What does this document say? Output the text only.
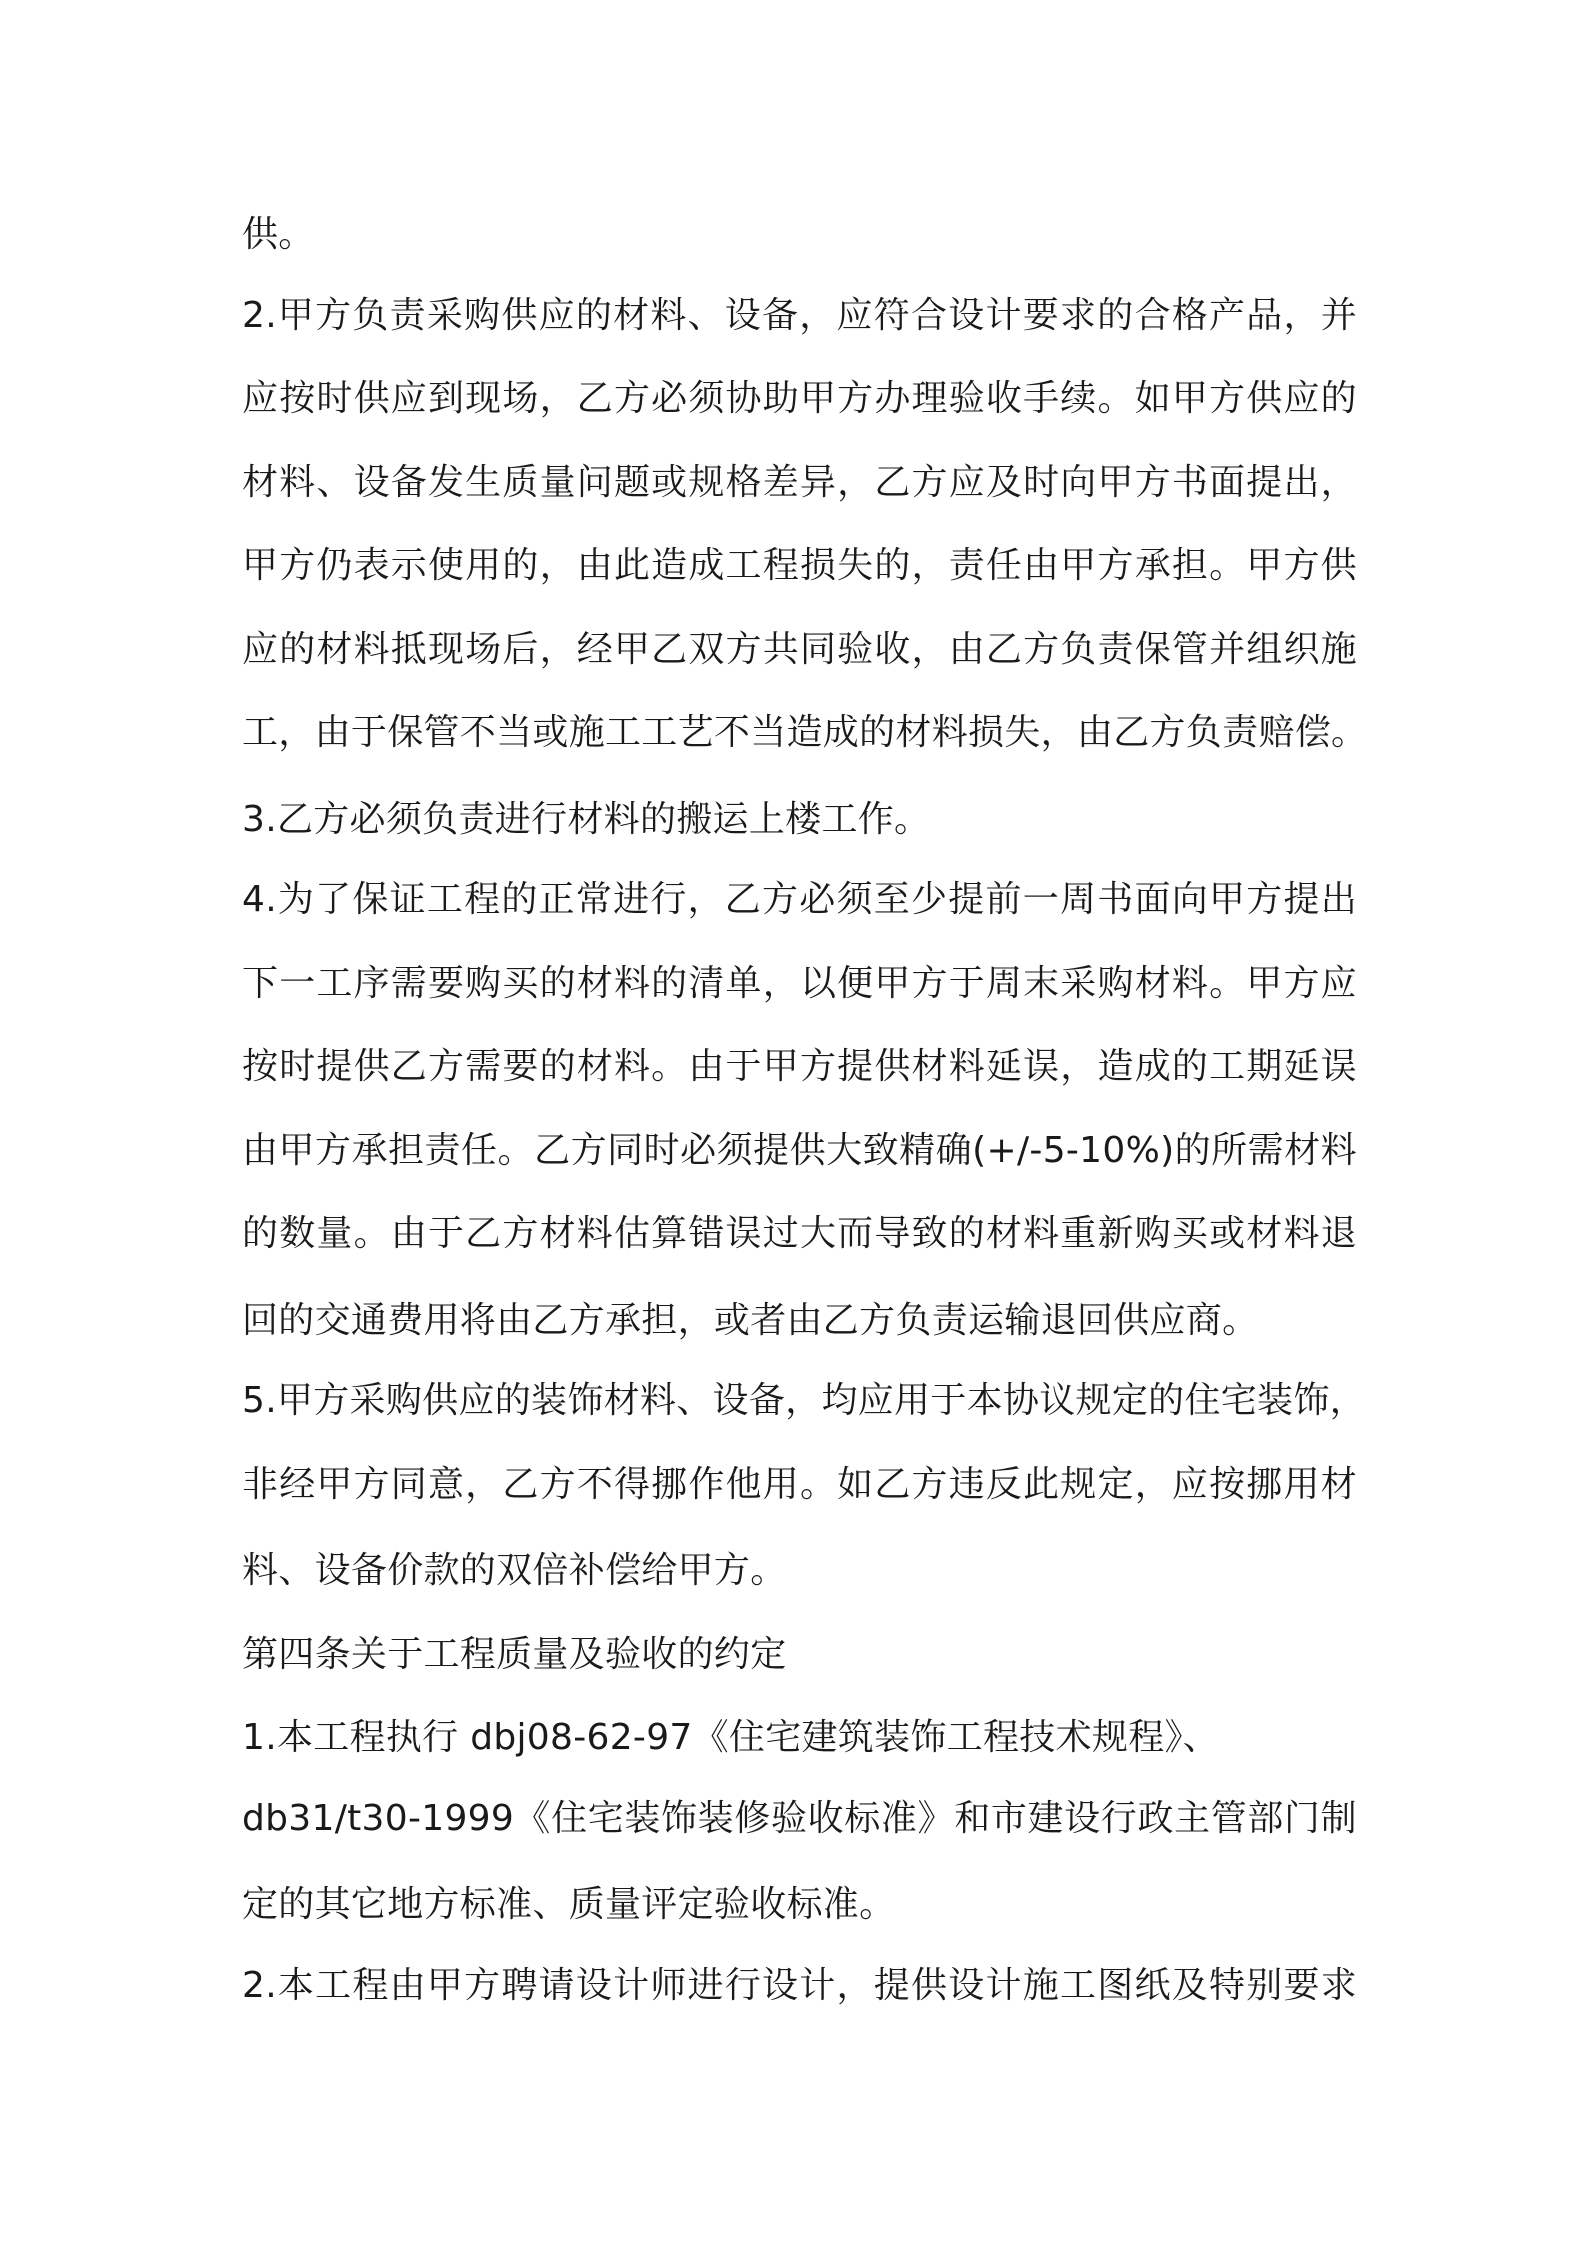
供。
2.甲方负责采购供应的材料、设备，应符合设计要求的合格产品，并
应按时供应到现场，乙方必须协助甲方办理验收手续。如甲方供应的
材料、设备发生质量问题或规格差异，乙方应及时向甲方书面提出，
甲方仍表示使用的，由此造成工程损失的，责任由甲方承担。甲方供
应的材料抵现场后，经甲乙双方共同验收，由乙方负责保管并组织施
工，由于保管不当或施工工艺不当造成的材料损失，由乙方负责赔偿。
3.乙方必须负责进行材料的搬运上楼工作。
4.为了保证工程的正常进行，乙方必须至少提前一周书面向甲方提出
下一工序需要购买的材料的清单，以便甲方于周末采购材料。甲方应
按时提供乙方需要的材料。由于甲方提供材料延误，造成的工期延误
由甲方承担责任。乙方同时必须提供大致精确(+/-5-10%)的所需材料
的数量。由于乙方材料估算错误过大而导致的材料重新购买或材料退
回的交通费用将由乙方承担，或者由乙方负责运输退回供应商。
5.甲方采购供应的装饰材料、设备，均应用于本协议规定的住宅装饰，
非经甲方同意，乙方不得挪作他用。如乙方违反此规定，应按挪用材
料、设备价款的双倍补偿给甲方。
第四条关于工程质量及验收的约定
1.本工程执行 dbj08-62-97《住宅建筑装饰工程技术规程》、
db31/t30-1999《住宅装饰装修验收标准》和市建设行政主管部门制
定的其它地方标准、质量评定验收标准。
2.本工程由甲方聘请设计师进行设计，提供设计施工图纸及特别要求
